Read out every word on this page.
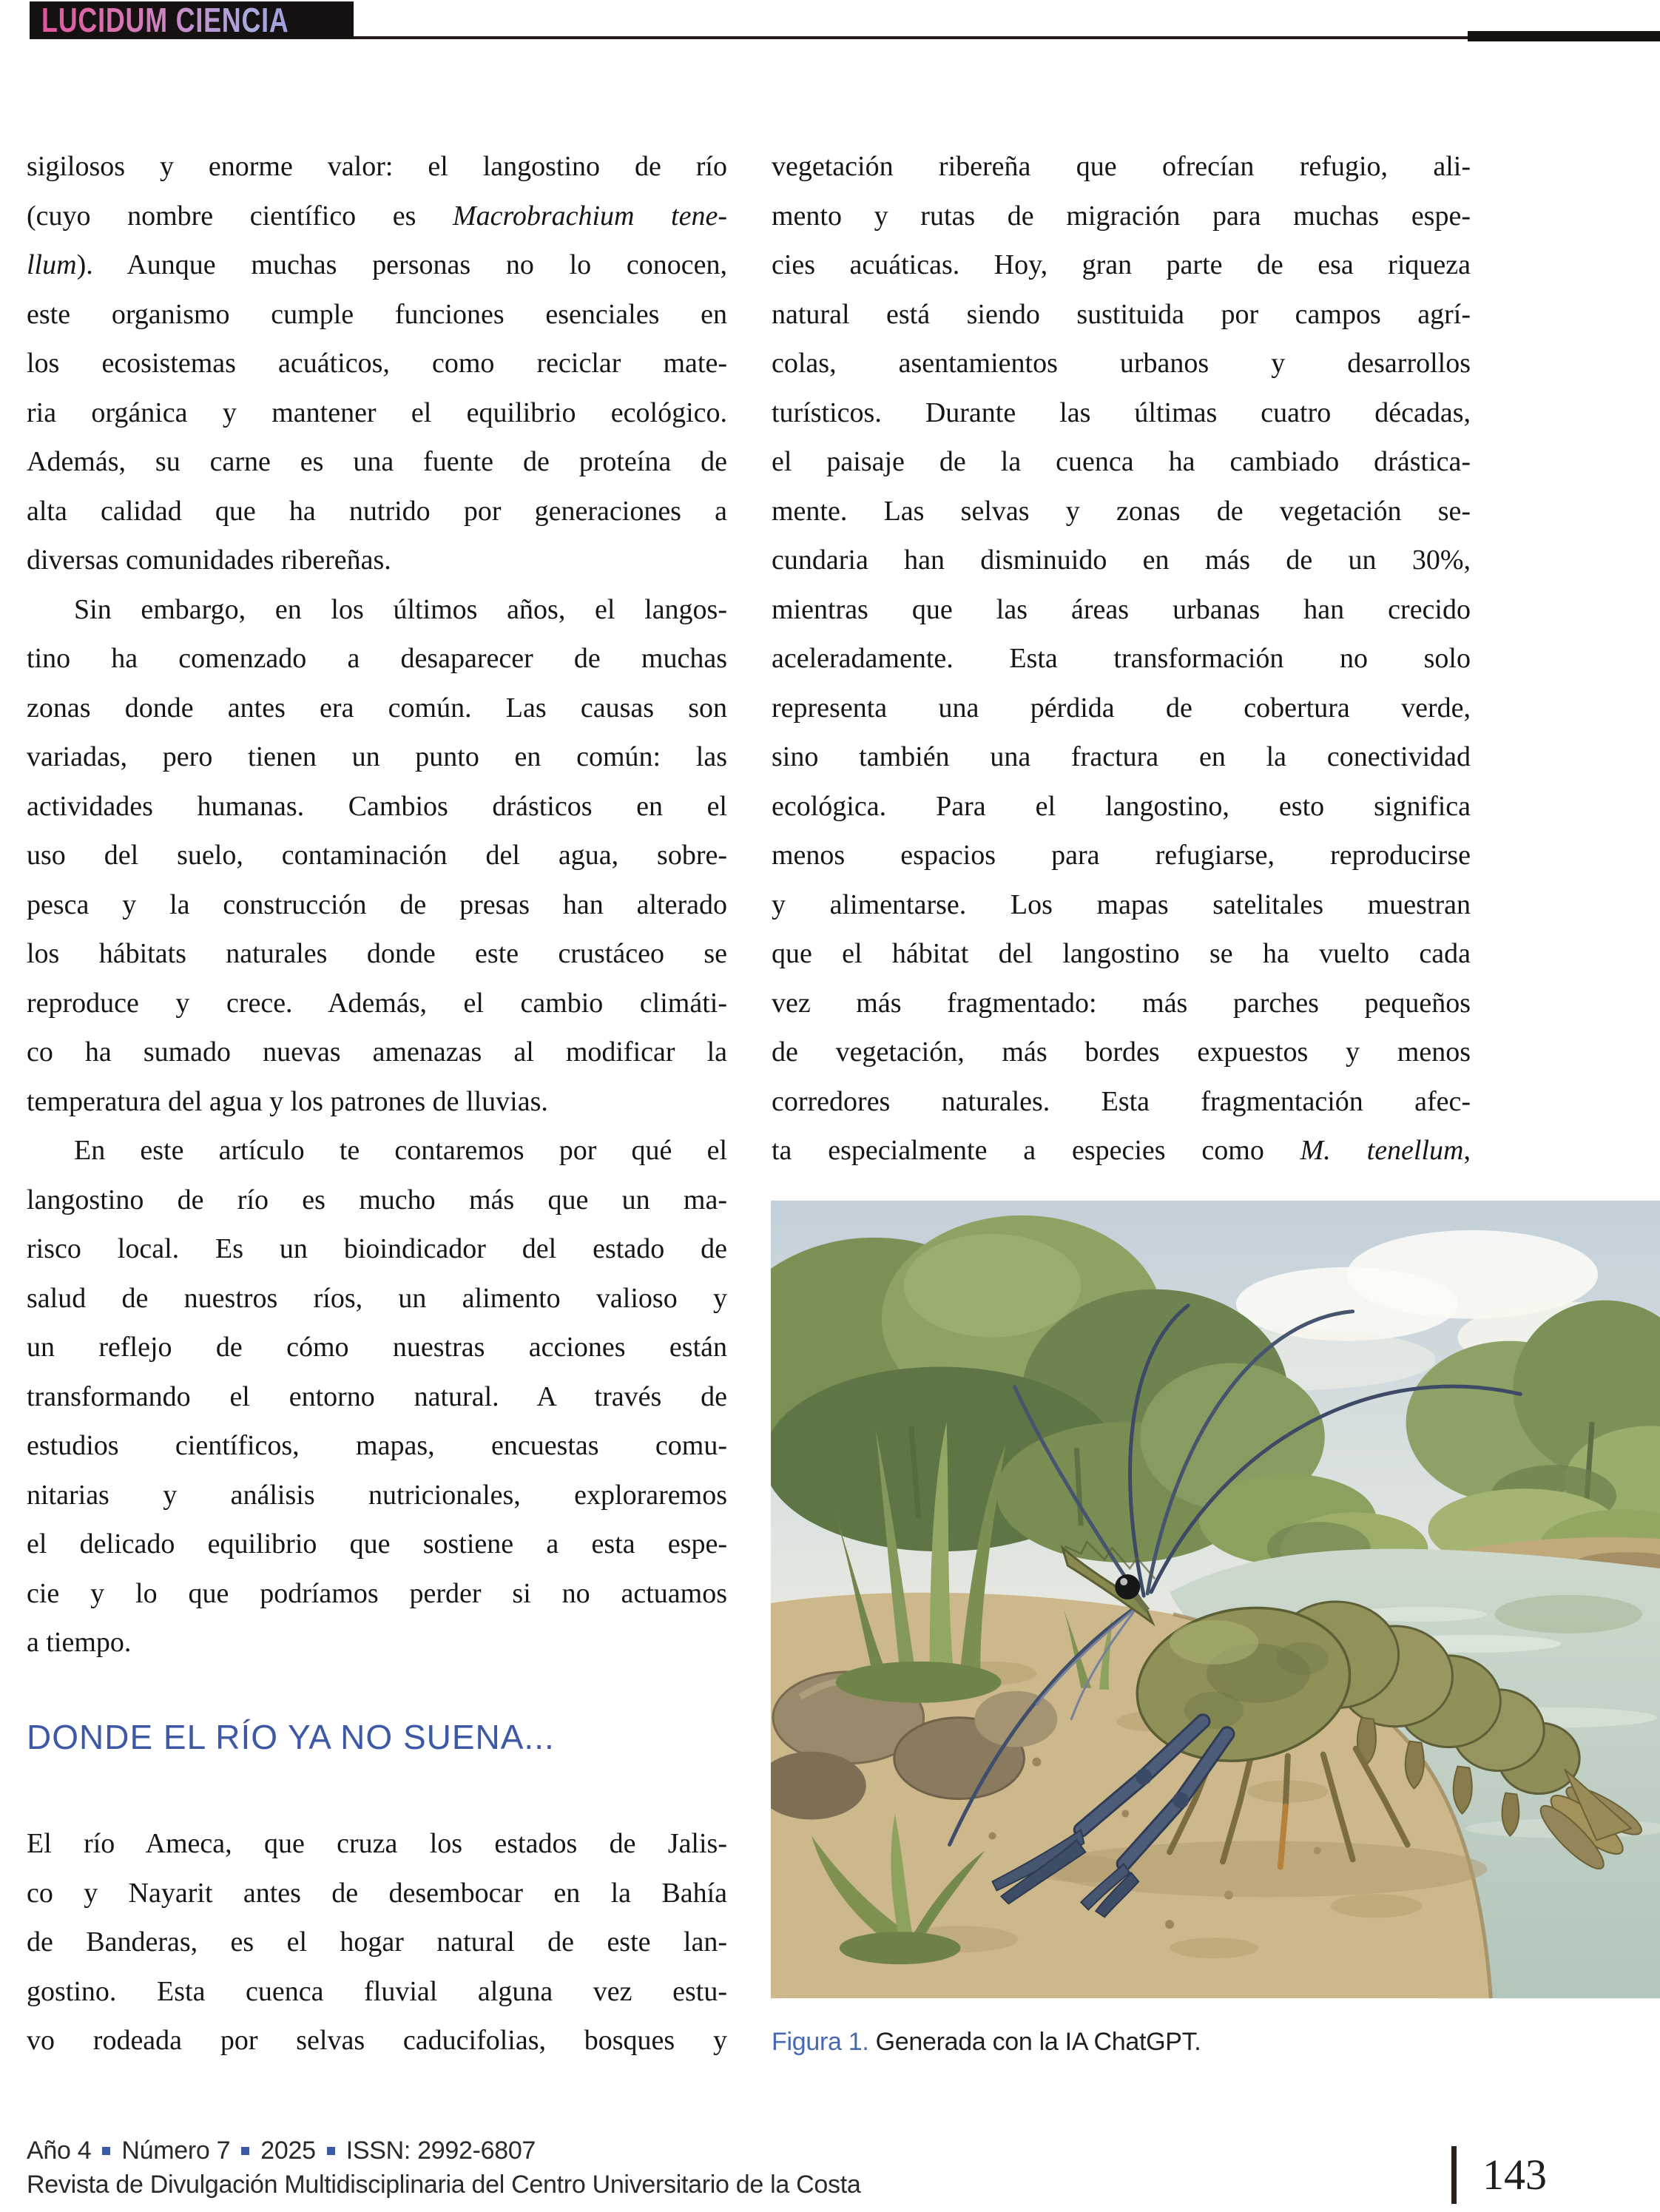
LUCIDUM CIENCIA
sigilosos y enorme valor: el langostino de río
(cuyo nombre científico es Macrobrachium tene-
llum). Aunque muchas personas no lo conocen,
este organismo cumple funciones esenciales en
los ecosistemas acuáticos, como reciclar mate-
ria orgánica y mantener el equilibrio ecológico.
Además, su carne es una fuente de proteína de
alta calidad que ha nutrido por generaciones a
diversas comunidades ribereñas.
Sin embargo, en los últimos años, el langos-
tino ha comenzado a desaparecer de muchas
zonas donde antes era común. Las causas son
variadas, pero tienen un punto en común: las
actividades humanas. Cambios drásticos en el
uso del suelo, contaminación del agua, sobre-
pesca y la construcción de presas han alterado
los hábitats naturales donde este crustáceo se
reproduce y crece. Además, el cambio climáti-
co ha sumado nuevas amenazas al modificar la
temperatura del agua y los patrones de lluvias.
En este artículo te contaremos por qué el
langostino de río es mucho más que un ma-
risco local. Es un bioindicador del estado de
salud de nuestros ríos, un alimento valioso y
un reflejo de cómo nuestras acciones están
transformando el entorno natural. A través de
estudios científicos, mapas, encuestas comu-
nitarias y análisis nutricionales, exploraremos
el delicado equilibrio que sostiene a esta espe-
cie y lo que podríamos perder si no actuamos
a tiempo.
DONDE EL RÍO YA NO SUENA...
El río Ameca, que cruza los estados de Jalis-
co y Nayarit antes de desembocar en la Bahía
de Banderas, es el hogar natural de este lan-
gostino. Esta cuenca fluvial alguna vez estu-
vo rodeada por selvas caducifolias, bosques y
vegetación ribereña que ofrecían refugio, ali-
mento y rutas de migración para muchas espe-
cies acuáticas. Hoy, gran parte de esa riqueza
natural está siendo sustituida por campos agrí-
colas, asentamientos urbanos y desarrollos
turísticos. Durante las últimas cuatro décadas,
el paisaje de la cuenca ha cambiado drástica-
mente. Las selvas y zonas de vegetación se-
cundaria han disminuido en más de un 30%,
mientras que las áreas urbanas han crecido
aceleradamente. Esta transformación no solo
representa una pérdida de cobertura verde,
sino también una fractura en la conectividad
ecológica. Para el langostino, esto significa
menos espacios para refugiarse, reproducirse
y alimentarse. Los mapas satelitales muestran
que el hábitat del langostino se ha vuelto cada
vez más fragmentado: más parches pequeños
de vegetación, más bordes expuestos y menos
corredores naturales. Esta fragmentación afec-
ta especialmente a especies como M. tenellum,
Figura 1. Generada con la IA ChatGPT.
Año 4 Número 7 2025 ISSN: 2992-6807
Revista de Divulgación Multidisciplinaria del Centro Universitario de la Costa	143
